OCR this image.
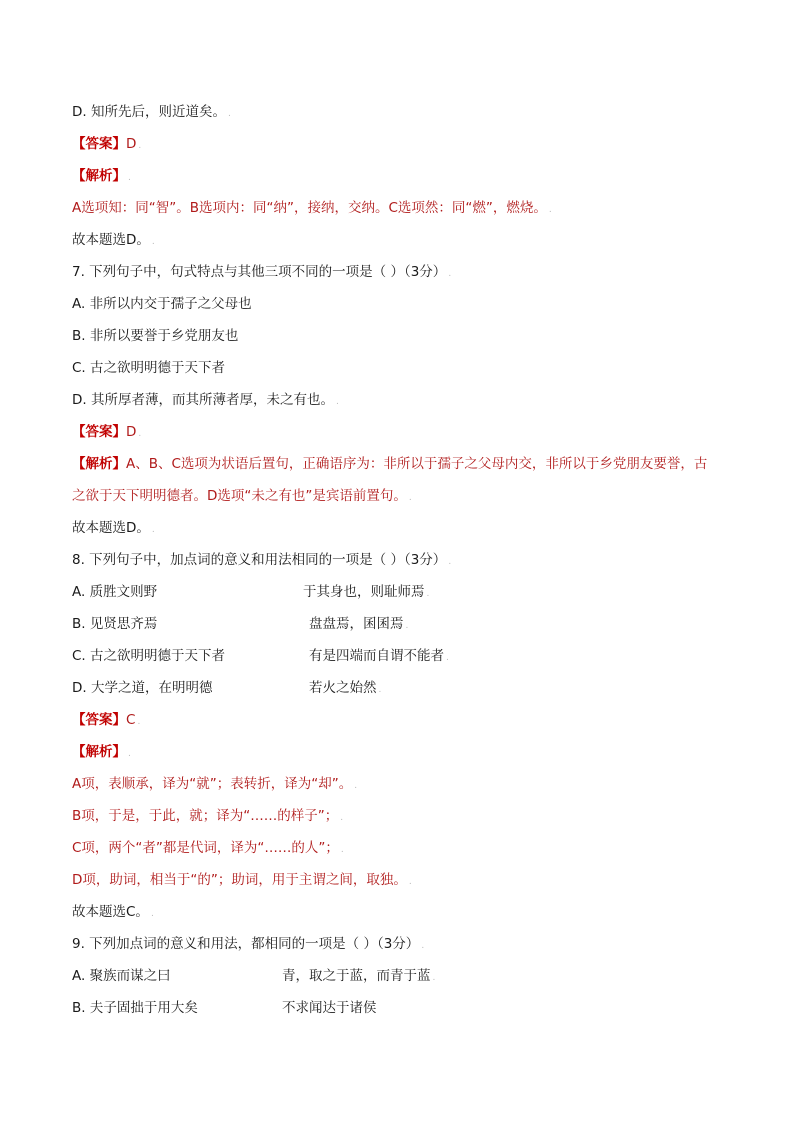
D. 知所先后，则近道矣。 .
【答案】D .
【解析】 .
A选项知：同“智”。B选项内：同“纳”，接纳，交纳。C选项然：同“燃”，燃烧。 .
故本题选D。 .
7. 下列句子中，句式特点与其他三项不同的一项是（ ）（3分） .
A. 非所以内交于孺子之父母也
B. 非所以要誉于乡党朋友也
C. 古之欲明明德于天下者
D. 其所厚者薄，而其所薄者厚，未之有也。 .
【答案】D .
【解析】A、B、C选项为状语后置句，正确语序为：非所以于孺子之父母内交，非所以于乡党朋友要誉，古
之欲于天下明明德者。D选项“未之有也”是宾语前置句。 .
故本题选D。 .
8. 下列句子中，加点词的意义和用法相同的一项是（ ）（3分） .
A. 质胜文则野	于其身也，则耻师焉 .
B. 见贤思齐焉	盘盘焉，囷囷焉 .
C. 古之欲明明德于天下者	有是四端而自谓不能者 .
D. 大学之道，在明明德	若火之始然 .
【答案】C .
【解析】 .
A项，表顺承，译为“就”；表转折，译为“却”。 .
B项，于是，于此，就；译为“……的样子”； .
C项，两个“者”都是代词，译为“……的人”； .
D项，助词，相当于“的”；助词，用于主谓之间，取独。 .
故本题选C。 .
9. 下列加点词的意义和用法，都相同的一项是（ ）（3分） .
A. 聚族而谋之曰	青，取之于蓝，而青于蓝 .
B. 夫子固拙于用大矣	不求闻达于诸侯
